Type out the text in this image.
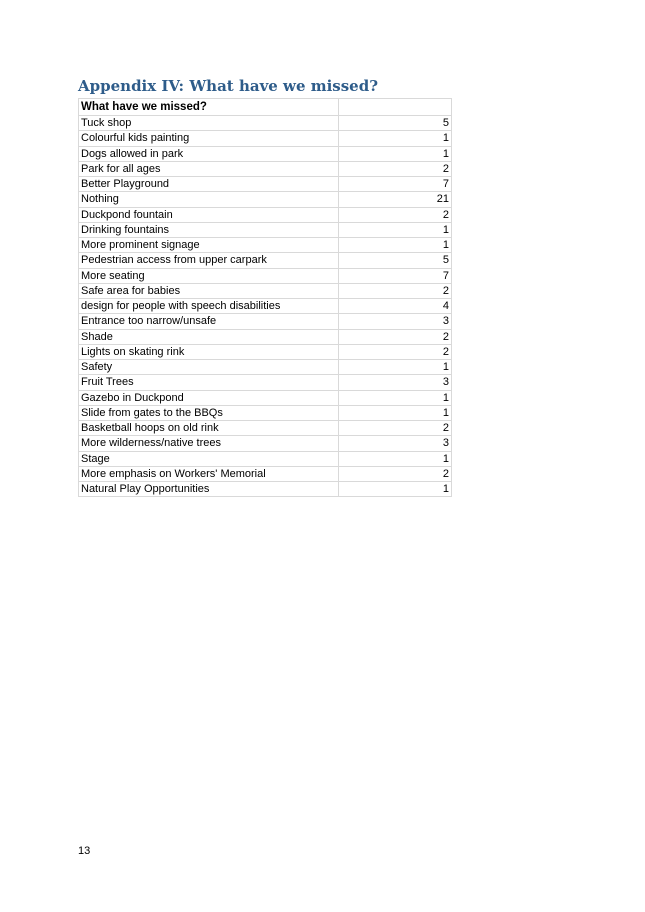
Appendix IV: What have we missed?
What have we missed?	
Tuck shop	5
Colourful kids painting	1
Dogs allowed in park	1
Park for all ages	2
Better Playground	7
Nothing	21
Duckpond fountain	2
Drinking fountains	1
More prominent signage	1
Pedestrian access from upper carpark	5
More seating	7
Safe area for babies	2
design for people with speech disabilities	4
Entrance too narrow/unsafe	3
Shade	2
Lights on skating rink	2
Safety	1
Fruit Trees	3
Gazebo in Duckpond	1
Slide from gates to the BBQs	1
Basketball hoops on old rink	2
More wilderness/native trees	3
Stage	1
More emphasis on Workers' Memorial	2
Natural Play Opportunities	1
13
